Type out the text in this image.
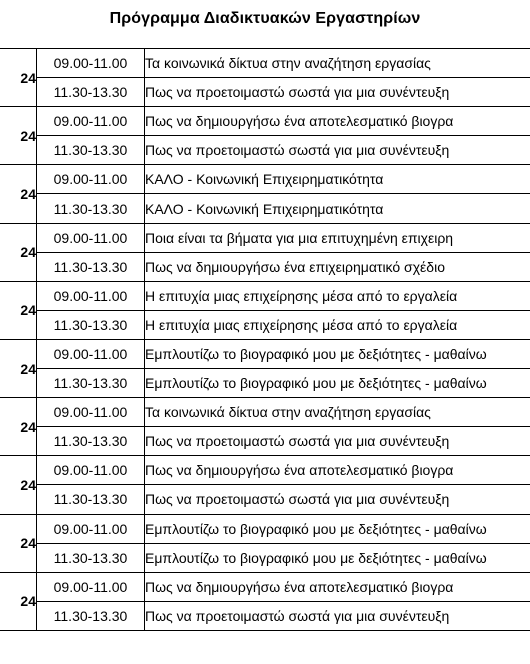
Πρόγραμμα Διαδικτυακών Εργαστηρίων
24	09.00-11.00	Τα κοινωνικά δίκτυα στην αναζήτηση εργασίας
	11.30-13.30	Πως να προετοιμαστώ σωστά για μια συνέντευξη
24	09.00-11.00	Πως να δημιουργήσω ένα αποτελεσματικό βιογρα
	11.30-13.30	Πως να προετοιμαστώ σωστά για μια συνέντευξη
24	09.00-11.00	ΚΑΛΟ - Κοινωνική Επιχειρηματικότητα
	11.30-13.30	ΚΑΛΟ - Κοινωνική Επιχειρηματικότητα
24	09.00-11.00	Ποια είναι τα βήματα για μια επιτυχημένη επιχειρη
	11.30-13.30	Πως να δημιουργήσω ένα επιχειρηματικό σχέδιο
24	09.00-11.00	Η επιτυχία μιας επιχείρησης μέσα από το εργαλεία
	11.30-13.30	Η επιτυχία μιας επιχείρησης μέσα από το εργαλεία
24	09.00-11.00	Εμπλουτίζω το βιογραφικό μου με δεξιότητες - μαθαίνω
	11.30-13.30	Εμπλουτίζω το βιογραφικό μου με δεξιότητες - μαθαίνω
24	09.00-11.00	Τα κοινωνικά δίκτυα στην αναζήτηση εργασίας
	11.30-13.30	Πως να προετοιμαστώ σωστά για μια συνέντευξη
24	09.00-11.00	Πως να δημιουργήσω ένα αποτελεσματικό βιογρα
	11.30-13.30	Πως να προετοιμαστώ σωστά για μια συνέντευξη
24	09.00-11.00	Εμπλουτίζω το βιογραφικό μου με δεξιότητες - μαθαίνω
	11.30-13.30	Εμπλουτίζω το βιογραφικό μου με δεξιότητες - μαθαίνω
24	09.00-11.00	Πως να δημιουργήσω ένα αποτελεσματικό βιογρα
	11.30-13.30	Πως να προετοιμαστώ σωστά για μια συνέντευξη
